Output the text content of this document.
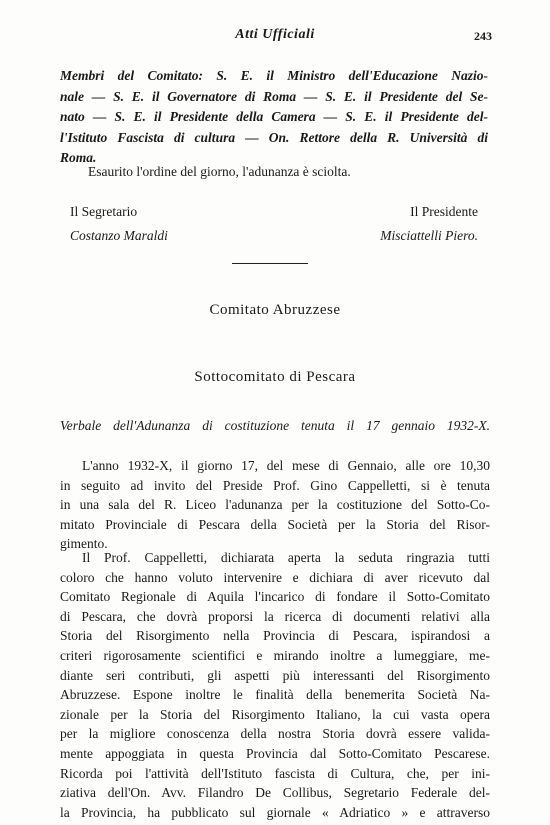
Atti Ufficiali	243
Membri del Comitato: S. E. il Ministro dell'Educazione Nazio-
nale — S. E. il Governatore di Roma — S. E. il Presidente del Se-
nato — S. E. il Presidente della Camera — S. E. il Presidente del-
l'Istituto Fascista di cultura — On. Rettore della R. Università di
Roma.
Esaurito l'ordine del giorno, l'adunanza è sciolta.
Il Segretario
Costanzo Maraldi
Il Presidente
Misciattelli Piero.
Comitato Abruzzese
Sottocomitato di Pescara
Verbale dell'Adunanza di costituzione tenuta il 17 gennaio 1932-X.
L'anno 1932-X, il giorno 17, del mese di Gennaio, alle ore 10,30
in seguito ad invito del Preside Prof. Gino Cappelletti, si è tenuta
in una sala del R. Liceo l'adunanza per la costituzione del Sotto-Co-
mitato Provinciale di Pescara della Società per la Storia del Risor-
gimento.
Il Prof. Cappelletti, dichiarata aperta la seduta ringrazia tutti
coloro che hanno voluto intervenire e dichiara di aver ricevuto dal
Comitato Regionale di Aquila l'incarico di fondare il Sotto-Comitato
di Pescara, che dovrà proporsi la ricerca di documenti relativi alla
Storia del Risorgimento nella Provincia di Pescara, ispirandosi a
criteri rigorosamente scientifici e mirando inoltre a lumeggiare, me-
diante seri contributi, gli aspetti più interessanti del Risorgimento
Abruzzese. Espone inoltre le finalità della benemerita Società Na-
zionale per la Storia del Risorgimento Italiano, la cui vasta opera
per la migliore conoscenza della nostra Storia dovrà essere valida-
mente appoggiata in questa Provincia dal Sotto-Comitato Pescarese.
Ricorda poi l'attività dell'Istituto fascista di Cultura, che, per ini-
ziativa dell'On. Avv. Filandro De Collibus, Segretario Federale del-
la Provincia, ha pubblicato sul giornale « Adriatico » e attraverso
